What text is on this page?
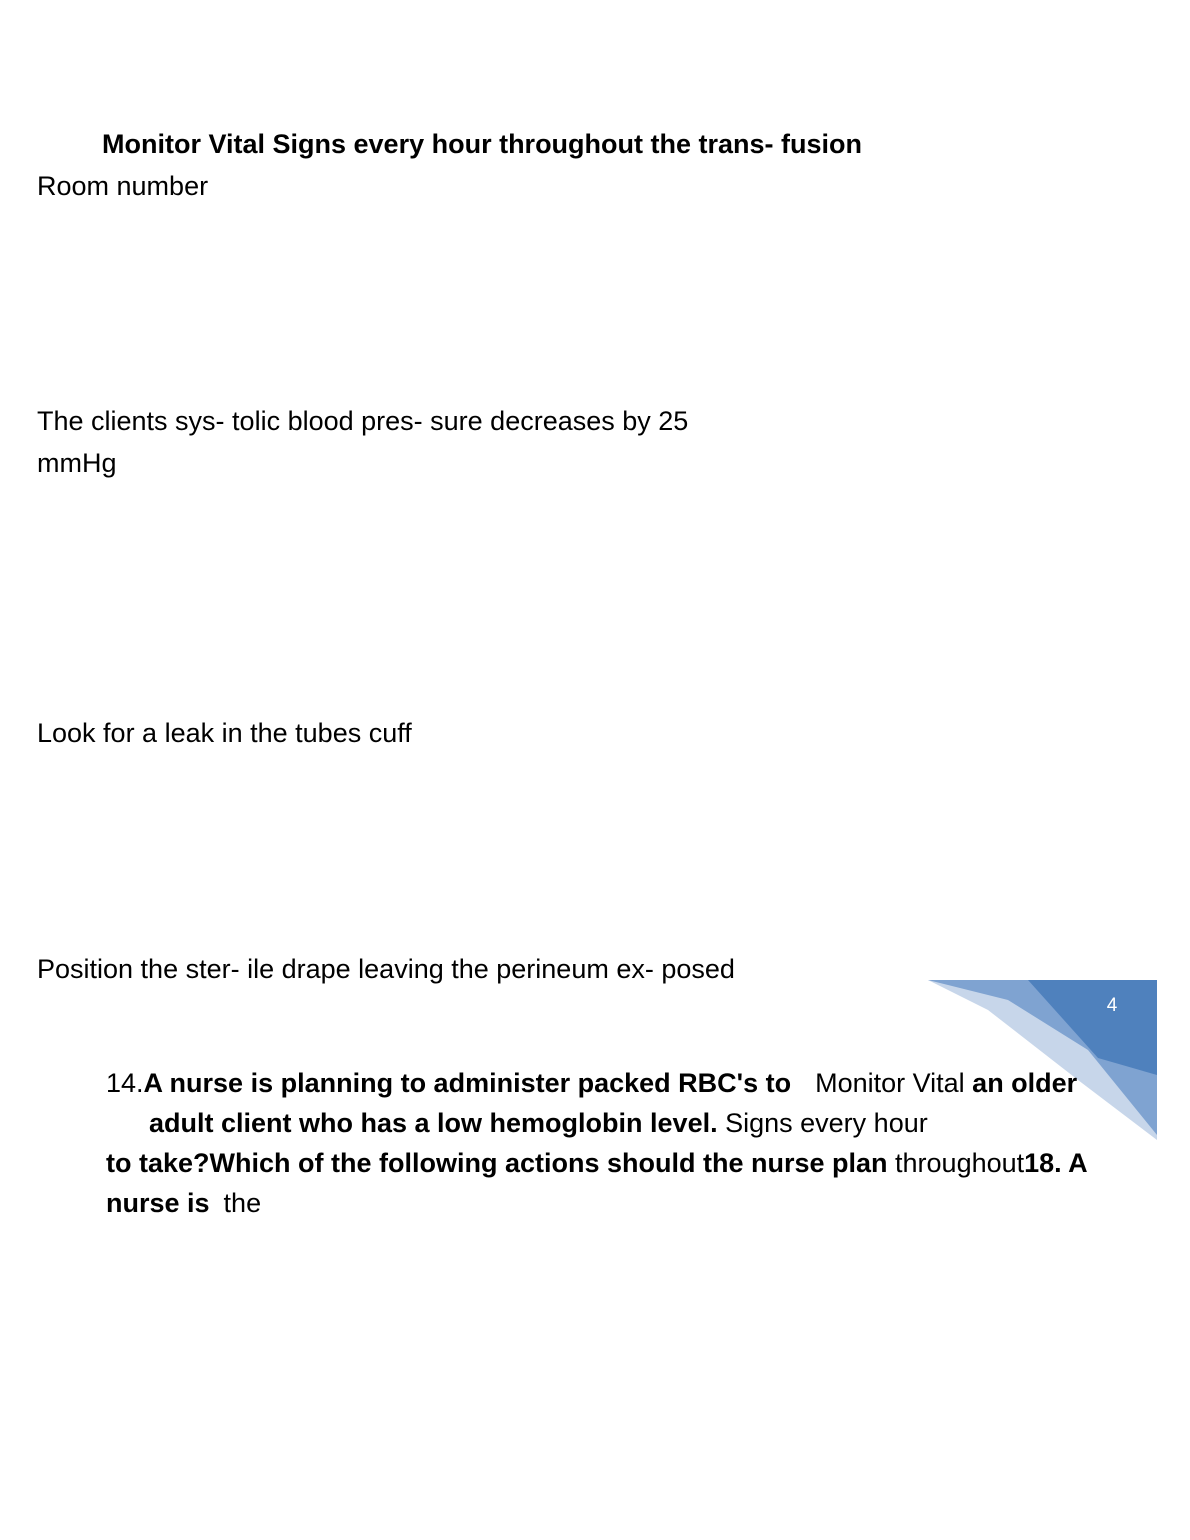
Monitor Vital Signs every hour throughout the trans- fusion
Room number
The clients sys- tolic blood pres- sure decreases by 25
mmHg
Look for a leak in the tubes cuff
Position the ster- ile drape leaving the perineum ex- posed
4
14.A nurse is planning to administer packed RBC's to Monitor Vital an older
adult client who has a low hemoglobin level. Signs every hour
to take?Which of the following actions should the nurse plan throughout18. A
nurse is the
